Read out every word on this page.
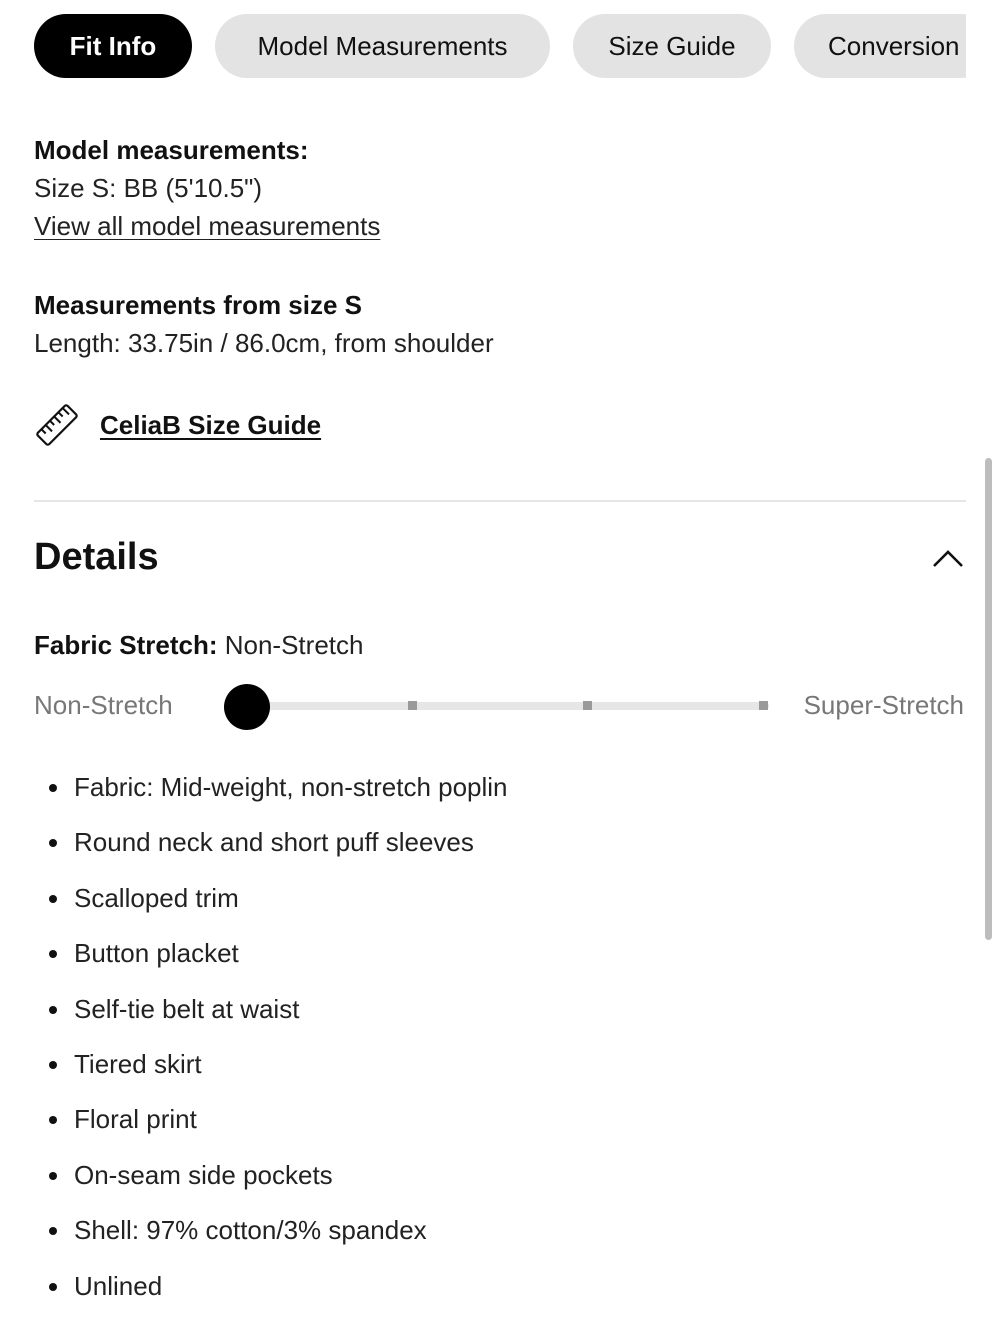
Fit Info	Model Measurements	Size Guide	Conversion
Model measurements:
Size S: BB (5'10.5")
View all model measurements
Measurements from size S
Length: 33.75in / 86.0cm, from shoulder
CeliaB Size Guide
Details
Fabric Stretch: Non-Stretch
Non-Stretch	Super-Stretch
Fabric: Mid-weight, non-stretch poplin
Round neck and short puff sleeves
Scalloped trim
Button placket
Self-tie belt at waist
Tiered skirt
Floral print
On-seam side pockets
Shell: 97% cotton/3% spandex
Unlined
